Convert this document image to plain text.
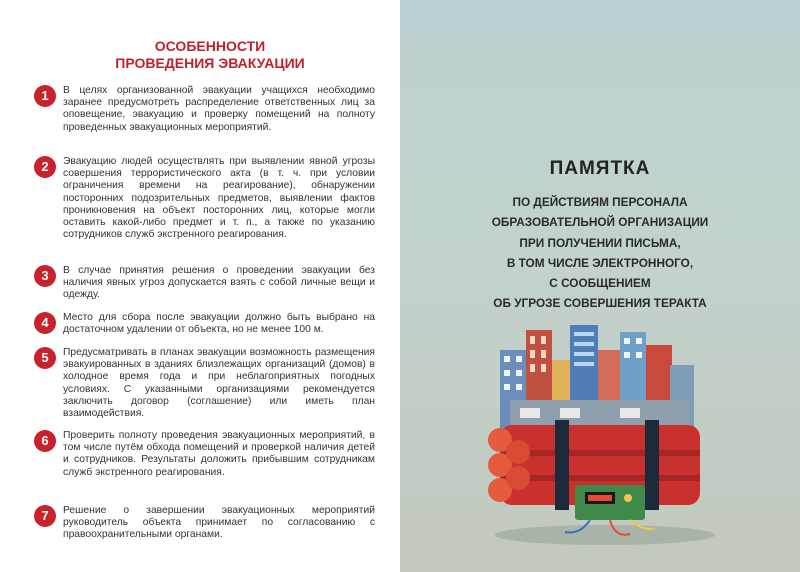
ОСОБЕННОСТИ
ПРОВЕДЕНИЯ ЭВАКУАЦИИ
1	В целях организованной эвакуации учащихся необходимо заранее предусмотреть распределение ответственных лиц за оповещение, эвакуацию и проверку помещений на полноту проведенных эвакуационных мероприятий.
2	Эвакуацию людей осуществлять при выявлении явной угрозы совершения террористического акта (в т. ч. при условии ограничения времени на реагирование), обнаружении посторонних подозрительных предметов, выявлении фактов проникновения на объект посторонних лиц, которые могли оставить какой-либо предмет и т. п., а также по указанию сотрудников служб экстренного реагирования.
3	В случае принятия решения о проведении эвакуации без наличия явных угроз допускается взять с собой личные вещи и одежду.
4	Место для сбора после эвакуации должно быть выбрано на достаточном удалении от объекта, но не менее 100 м.
5	Предусматривать в планах эвакуации возможность размещения эвакуированных в зданиях близлежащих организаций (домов) в холодное время года и при неблагоприятных погодных условиях. С указанными организациями рекомендуется заключить договор (соглашение) или иметь план взаимодействия.
6	Проверить полноту проведения эвакуационных мероприятий, в том числе путём обхода помещений и проверкой наличия детей и сотрудников. Результаты доложить прибывшим сотрудникам служб экстренного реагирования.
7	Решение о завершении эвакуационных мероприятий руководитель объекта принимает по согласованию с правоохранительными органами.
ПАМЯТКА
ПО ДЕЙСТВИЯМ ПЕРСОНАЛА
ОБРАЗОВАТЕЛЬНОЙ ОРГАНИЗАЦИИ
ПРИ ПОЛУЧЕНИИ ПИСЬМА,
В ТОМ ЧИСЛЕ ЭЛЕКТРОННОГО,
С СООБЩЕНИЕМ
ОБ УГРОЗЕ СОВЕРШЕНИЯ ТЕРАКТА
